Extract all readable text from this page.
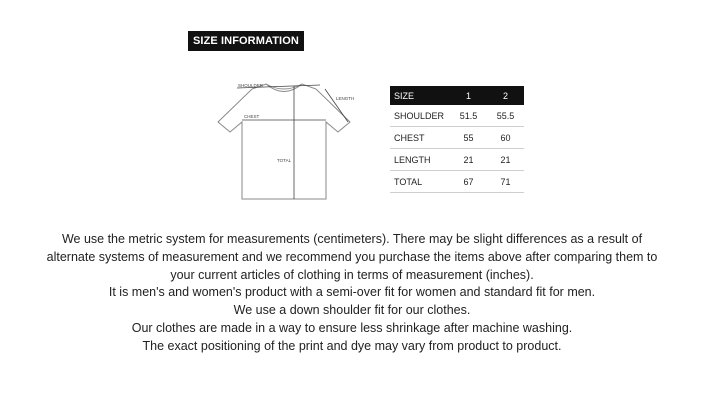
SIZE INFORMATION
SHOULDER
LENGTH
CHEST
TOTAL
SIZE	1	2
SHOULDER	51.5	55.5
CHEST	55	60
LENGTH	21	21
TOTAL	67	71

We use the metric system for measurements (centimeters). There may be slight differences as a result of alternate systems of measurement and we recommend you purchase the items above after comparing them to your current articles of clothing in terms of measurement (inches).

It is men's and women's product with a semi-over fit for women and standard fit for men.

We use a down shoulder fit for our clothes.

Our clothes are made in a way to ensure less shrinkage after machine washing.

The exact positioning of the print and dye may vary from product to product.
